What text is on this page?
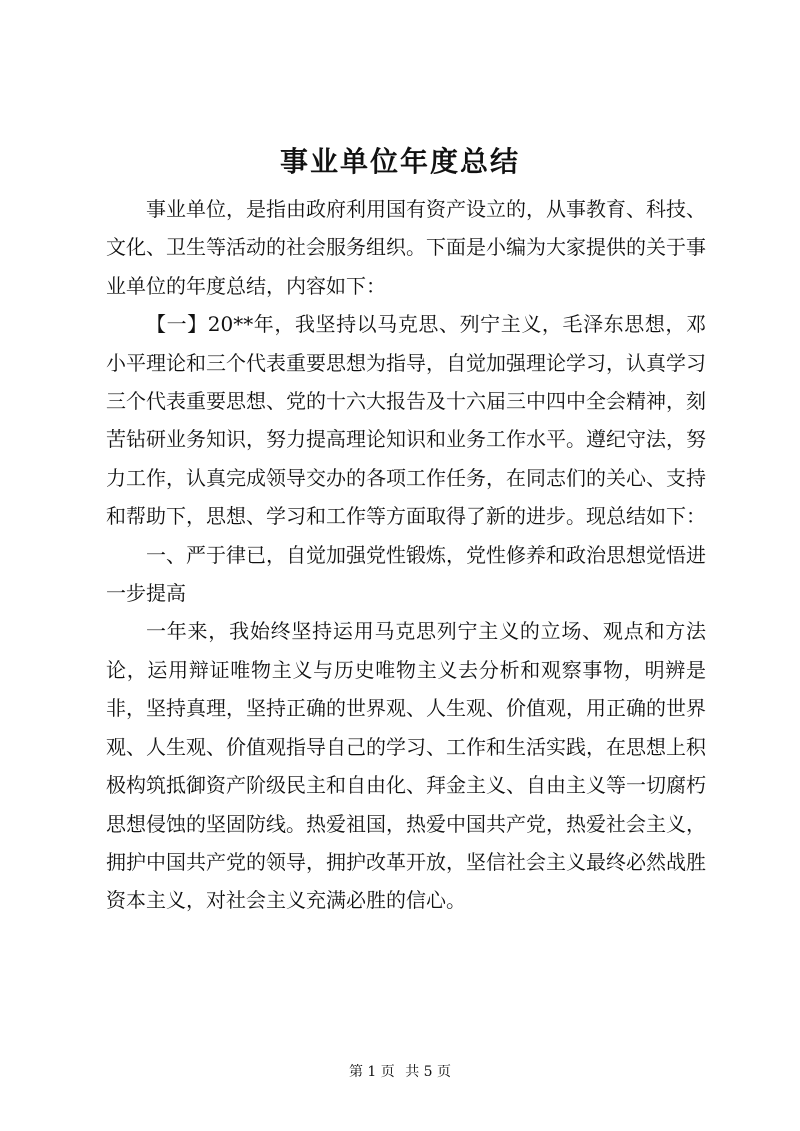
事业单位年度总结

事业单位，是指由政府利用国有资产设立的，从事教育、科技、文化、卫生等活动的社会服务组织。下面是小编为大家提供的关于事业单位的年度总结，内容如下：

【一】20**年，我坚持以马克思、列宁主义，毛泽东思想，邓小平理论和三个代表重要思想为指导，自觉加强理论学习，认真学习三个代表重要思想、党的十六大报告及十六届三中四中全会精神，刻苦钻研业务知识，努力提高理论知识和业务工作水平。遵纪守法，努力工作，认真完成领导交办的各项工作任务，在同志们的关心、支持和帮助下，思想、学习和工作等方面取得了新的进步。现总结如下：

一、严于律已，自觉加强党性锻炼，党性修养和政治思想觉悟进一步提高

一年来，我始终坚持运用马克思列宁主义的立场、观点和方法论，运用辩证唯物主义与历史唯物主义去分析和观察事物，明辨是非，坚持真理，坚持正确的世界观、人生观、价值观，用正确的世界观、人生观、价值观指导自己的学习、工作和生活实践，在思想上积极构筑抵御资产阶级民主和自由化、拜金主义、自由主义等一切腐朽思想侵蚀的坚固防线。热爱祖国，热爱中国共产党，热爱社会主义，拥护中国共产党的领导，拥护改革开放，坚信社会主义最终必然战胜资本主义，对社会主义充满必胜的信心。

第 1 页 共 5 页
